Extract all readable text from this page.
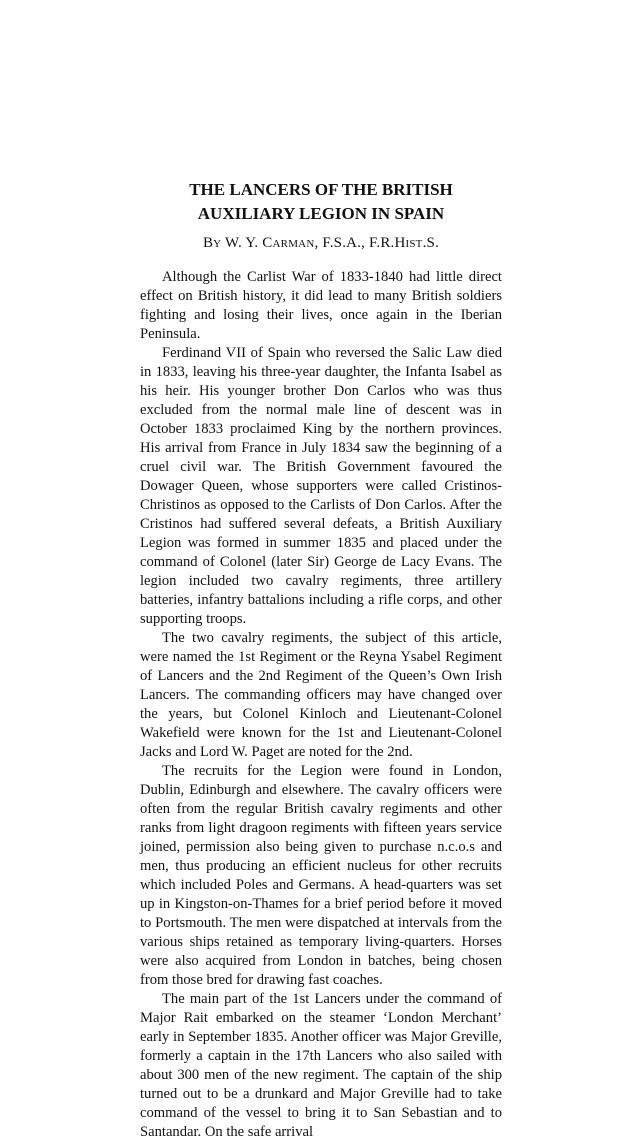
THE LANCERS OF THE BRITISH AUXILIARY LEGION IN SPAIN

By W. Y. Carman, F.S.A., F.R.Hist.S.

Although the Carlist War of 1833-1840 had little direct effect on British history, it did lead to many British soldiers fighting and losing their lives, once again in the Iberian Peninsula.

Ferdinand VII of Spain who reversed the Salic Law died in 1833, leaving his three-year daughter, the Infanta Isabel as his heir. His younger brother Don Carlos who was thus excluded from the normal male line of descent was in October 1833 proclaimed King by the northern provinces. His arrival from France in July 1834 saw the beginning of a cruel civil war. The British Government favoured the Dowager Queen, whose supporters were called Cristinos-Christinos as opposed to the Carlists of Don Carlos. After the Cristinos had suffered several defeats, a British Auxiliary Legion was formed in summer 1835 and placed under the command of Colonel (later Sir) George de Lacy Evans. The legion included two cavalry regiments, three artillery batteries, infantry battalions including a rifle corps, and other supporting troops.

The two cavalry regiments, the subject of this article, were named the 1st Regiment or the Reyna Ysabel Regiment of Lancers and the 2nd Regiment of the Queen’s Own Irish Lancers. The commanding officers may have changed over the years, but Colonel Kinloch and Lieutenant-Colonel Wakefield were known for the 1st and Lieutenant-Colonel Jacks and Lord W. Paget are noted for the 2nd.

The recruits for the Legion were found in London, Dublin, Edinburgh and elsewhere. The cavalry officers were often from the regular British cavalry regiments and other ranks from light dragoon regiments with fifteen years service joined, permission also being given to purchase n.c.o.s and men, thus producing an efficient nucleus for other recruits which included Poles and Germans. A head-quarters was set up in Kingston-on-Thames for a brief period before it moved to Portsmouth. The men were dispatched at intervals from the various ships retained as temporary living-quarters. Horses were also acquired from London in batches, being chosen from those bred for drawing fast coaches.

The main part of the 1st Lancers under the command of Major Rait embarked on the steamer ‘London Merchant’ early in September 1835. Another officer was Major Greville, formerly a captain in the 17th Lancers who also sailed with about 300 men of the new regiment. The captain of the ship turned out to be a drunkard and Major Greville had to take command of the vessel to bring it to San Sebastian and to Santandar. On the safe arrival
